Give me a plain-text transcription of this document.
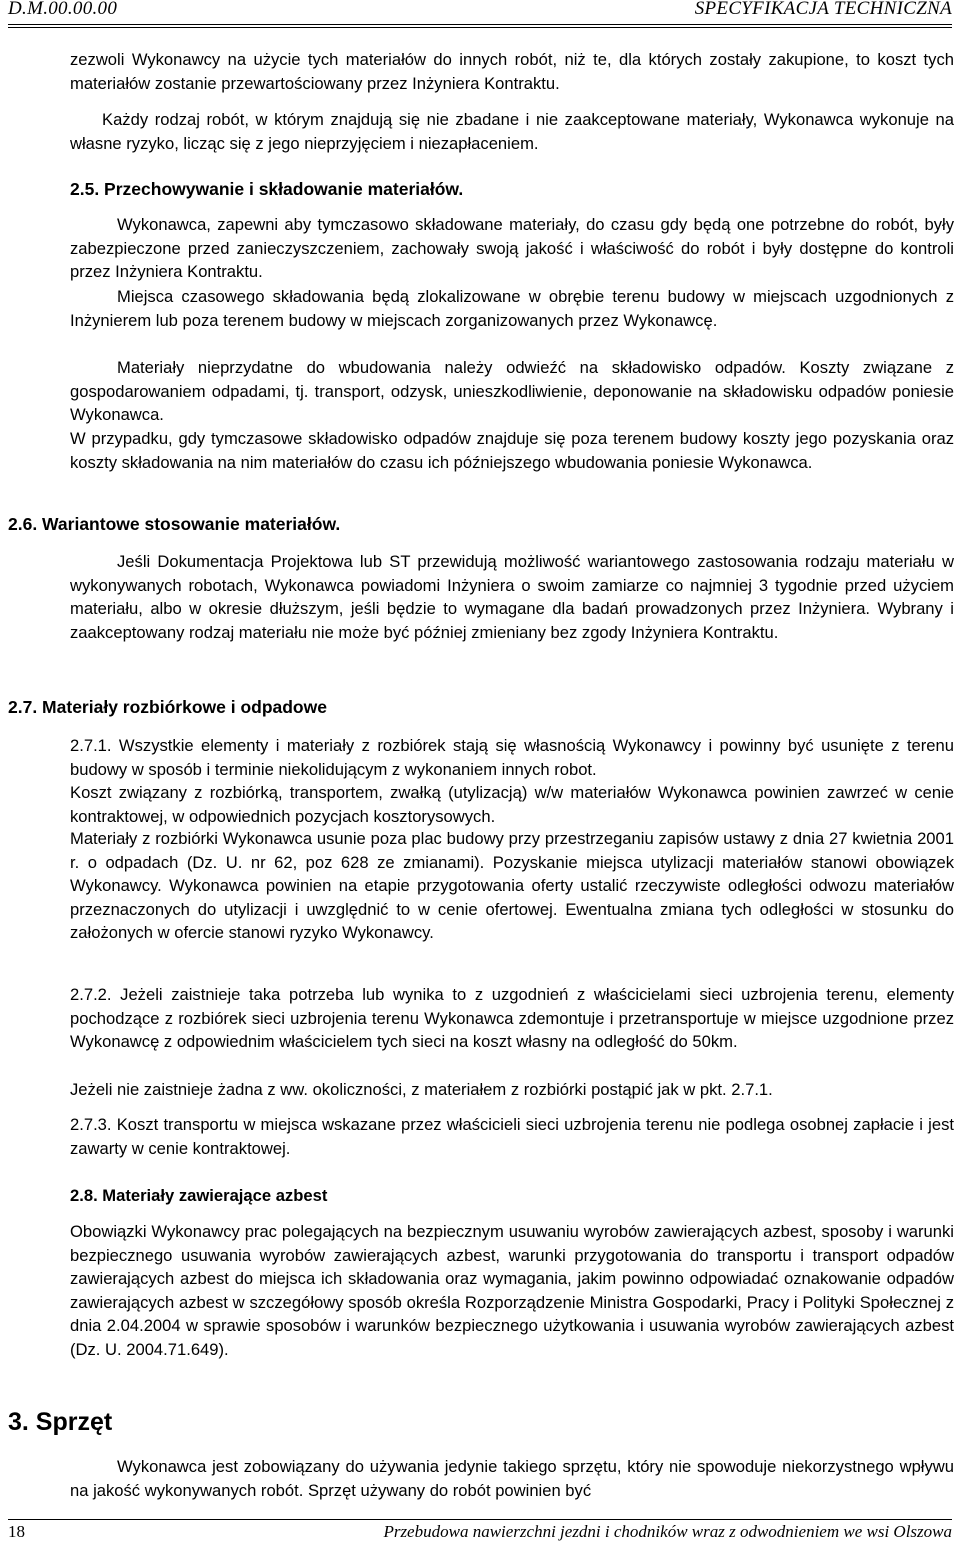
D.M.00.00.00	SPECYFIKACJA TECHNICZNA

zezwoli Wykonawcy na użycie tych materiałów do innych robót, niż te, dla których zostały zakupione, to koszt tych materiałów zostanie przewartościowany przez Inżyniera Kontraktu.

Każdy rodzaj robót, w którym znajdują się nie zbadane i nie zaakceptowane materiały, Wykonawca wykonuje na własne ryzyko, licząc się z jego nieprzyjęciem i niezapłaceniem.

2.5. Przechowywanie i składowanie materiałów.

Wykonawca, zapewni aby tymczasowo składowane materiały, do czasu gdy będą one potrzebne do robót, były zabezpieczone przed zanieczyszczeniem, zachowały swoją jakość i właściwość do robót i były dostępne do kontroli przez Inżyniera Kontraktu.

Miejsca czasowego składowania będą zlokalizowane w obrębie terenu budowy w miejscach uzgodnionych z Inżynierem lub poza terenem budowy w miejscach zorganizowanych przez Wykonawcę.

Materiały nieprzydatne do wbudowania należy odwieźć na składowisko odpadów. Koszty związane z gospodarowaniem odpadami, tj. transport, odzysk, unieszkodliwienie, deponowanie na składowisku odpadów poniesie Wykonawca.

W przypadku, gdy tymczasowe składowisko odpadów znajduje się poza terenem budowy koszty jego pozyskania oraz koszty składowania na nim materiałów do czasu ich późniejszego wbudowania poniesie Wykonawca.

2.6. Wariantowe stosowanie materiałów.

Jeśli Dokumentacja Projektowa lub ST przewidują możliwość wariantowego zastosowania rodzaju materiału w wykonywanych robotach, Wykonawca powiadomi Inżyniera o swoim zamiarze co najmniej 3 tygodnie przed użyciem materiału, albo w okresie dłuższym, jeśli będzie to wymagane dla badań prowadzonych przez Inżyniera. Wybrany i zaakceptowany rodzaj materiału nie może być później zmieniany bez zgody Inżyniera Kontraktu.

2.7. Materiały rozbiórkowe i odpadowe

2.7.1. Wszystkie elementy i materiały z rozbiórek stają się własnością Wykonawcy i powinny być usunięte z terenu budowy w sposób i terminie niekolidującym z wykonaniem innych robot.

Koszt związany z rozbiórką, transportem, zwałką (utylizacją) w/w materiałów Wykonawca powinien zawrzeć w cenie kontraktowej, w odpowiednich pozycjach kosztorysowych.

Materiały z rozbiórki Wykonawca usunie poza plac budowy przy przestrzeganiu zapisów ustawy z dnia 27 kwietnia 2001 r. o odpadach (Dz. U. nr 62, poz 628 ze zmianami). Pozyskanie miejsca utylizacji materiałów stanowi obowiązek Wykonawcy. Wykonawca powinien na etapie przygotowania oferty ustalić rzeczywiste odległości odwozu materiałów przeznaczonych do utylizacji i uwzględnić to w cenie ofertowej. Ewentualna zmiana tych odległości w stosunku do założonych w ofercie stanowi ryzyko Wykonawcy.

2.7.2. Jeżeli zaistnieje taka potrzeba lub wynika to z uzgodnień z właścicielami sieci uzbrojenia terenu, elementy pochodzące z rozbiórek sieci uzbrojenia terenu Wykonawca zdemontuje i przetransportuje w miejsce uzgodnione przez Wykonawcę z odpowiednim właścicielem tych sieci na koszt własny na odległość do 50km.

Jeżeli nie zaistnieje żadna z ww. okoliczności, z materiałem z rozbiórki postąpić jak w pkt. 2.7.1.

2.7.3. Koszt transportu w miejsca wskazane przez właścicieli sieci uzbrojenia terenu nie podlega osobnej zapłacie i jest zawarty w cenie kontraktowej.

2.8. Materiały zawierające azbest

Obowiązki Wykonawcy prac polegających na bezpiecznym usuwaniu wyrobów zawierających azbest, sposoby i warunki bezpiecznego usuwania wyrobów zawierających azbest, warunki przygotowania do transportu i transport odpadów zawierających azbest do miejsca ich składowania oraz wymagania, jakim powinno odpowiadać oznakowanie odpadów zawierających azbest w szczegółowy sposób określa Rozporządzenie Ministra Gospodarki, Pracy i Polityki Społecznej z dnia 2.04.2004 w sprawie sposobów i warunków bezpiecznego użytkowania i usuwania wyrobów zawierających azbest (Dz. U. 2004.71.649).

3. Sprzęt

Wykonawca jest zobowiązany do używania jedynie takiego sprzętu, który nie spowoduje niekorzystnego wpływu na jakość wykonywanych robót. Sprzęt używany do robót powinien być

18	Przebudowa nawierzchni jezdni i chodników wraz z odwodnieniem we wsi Olszowa
